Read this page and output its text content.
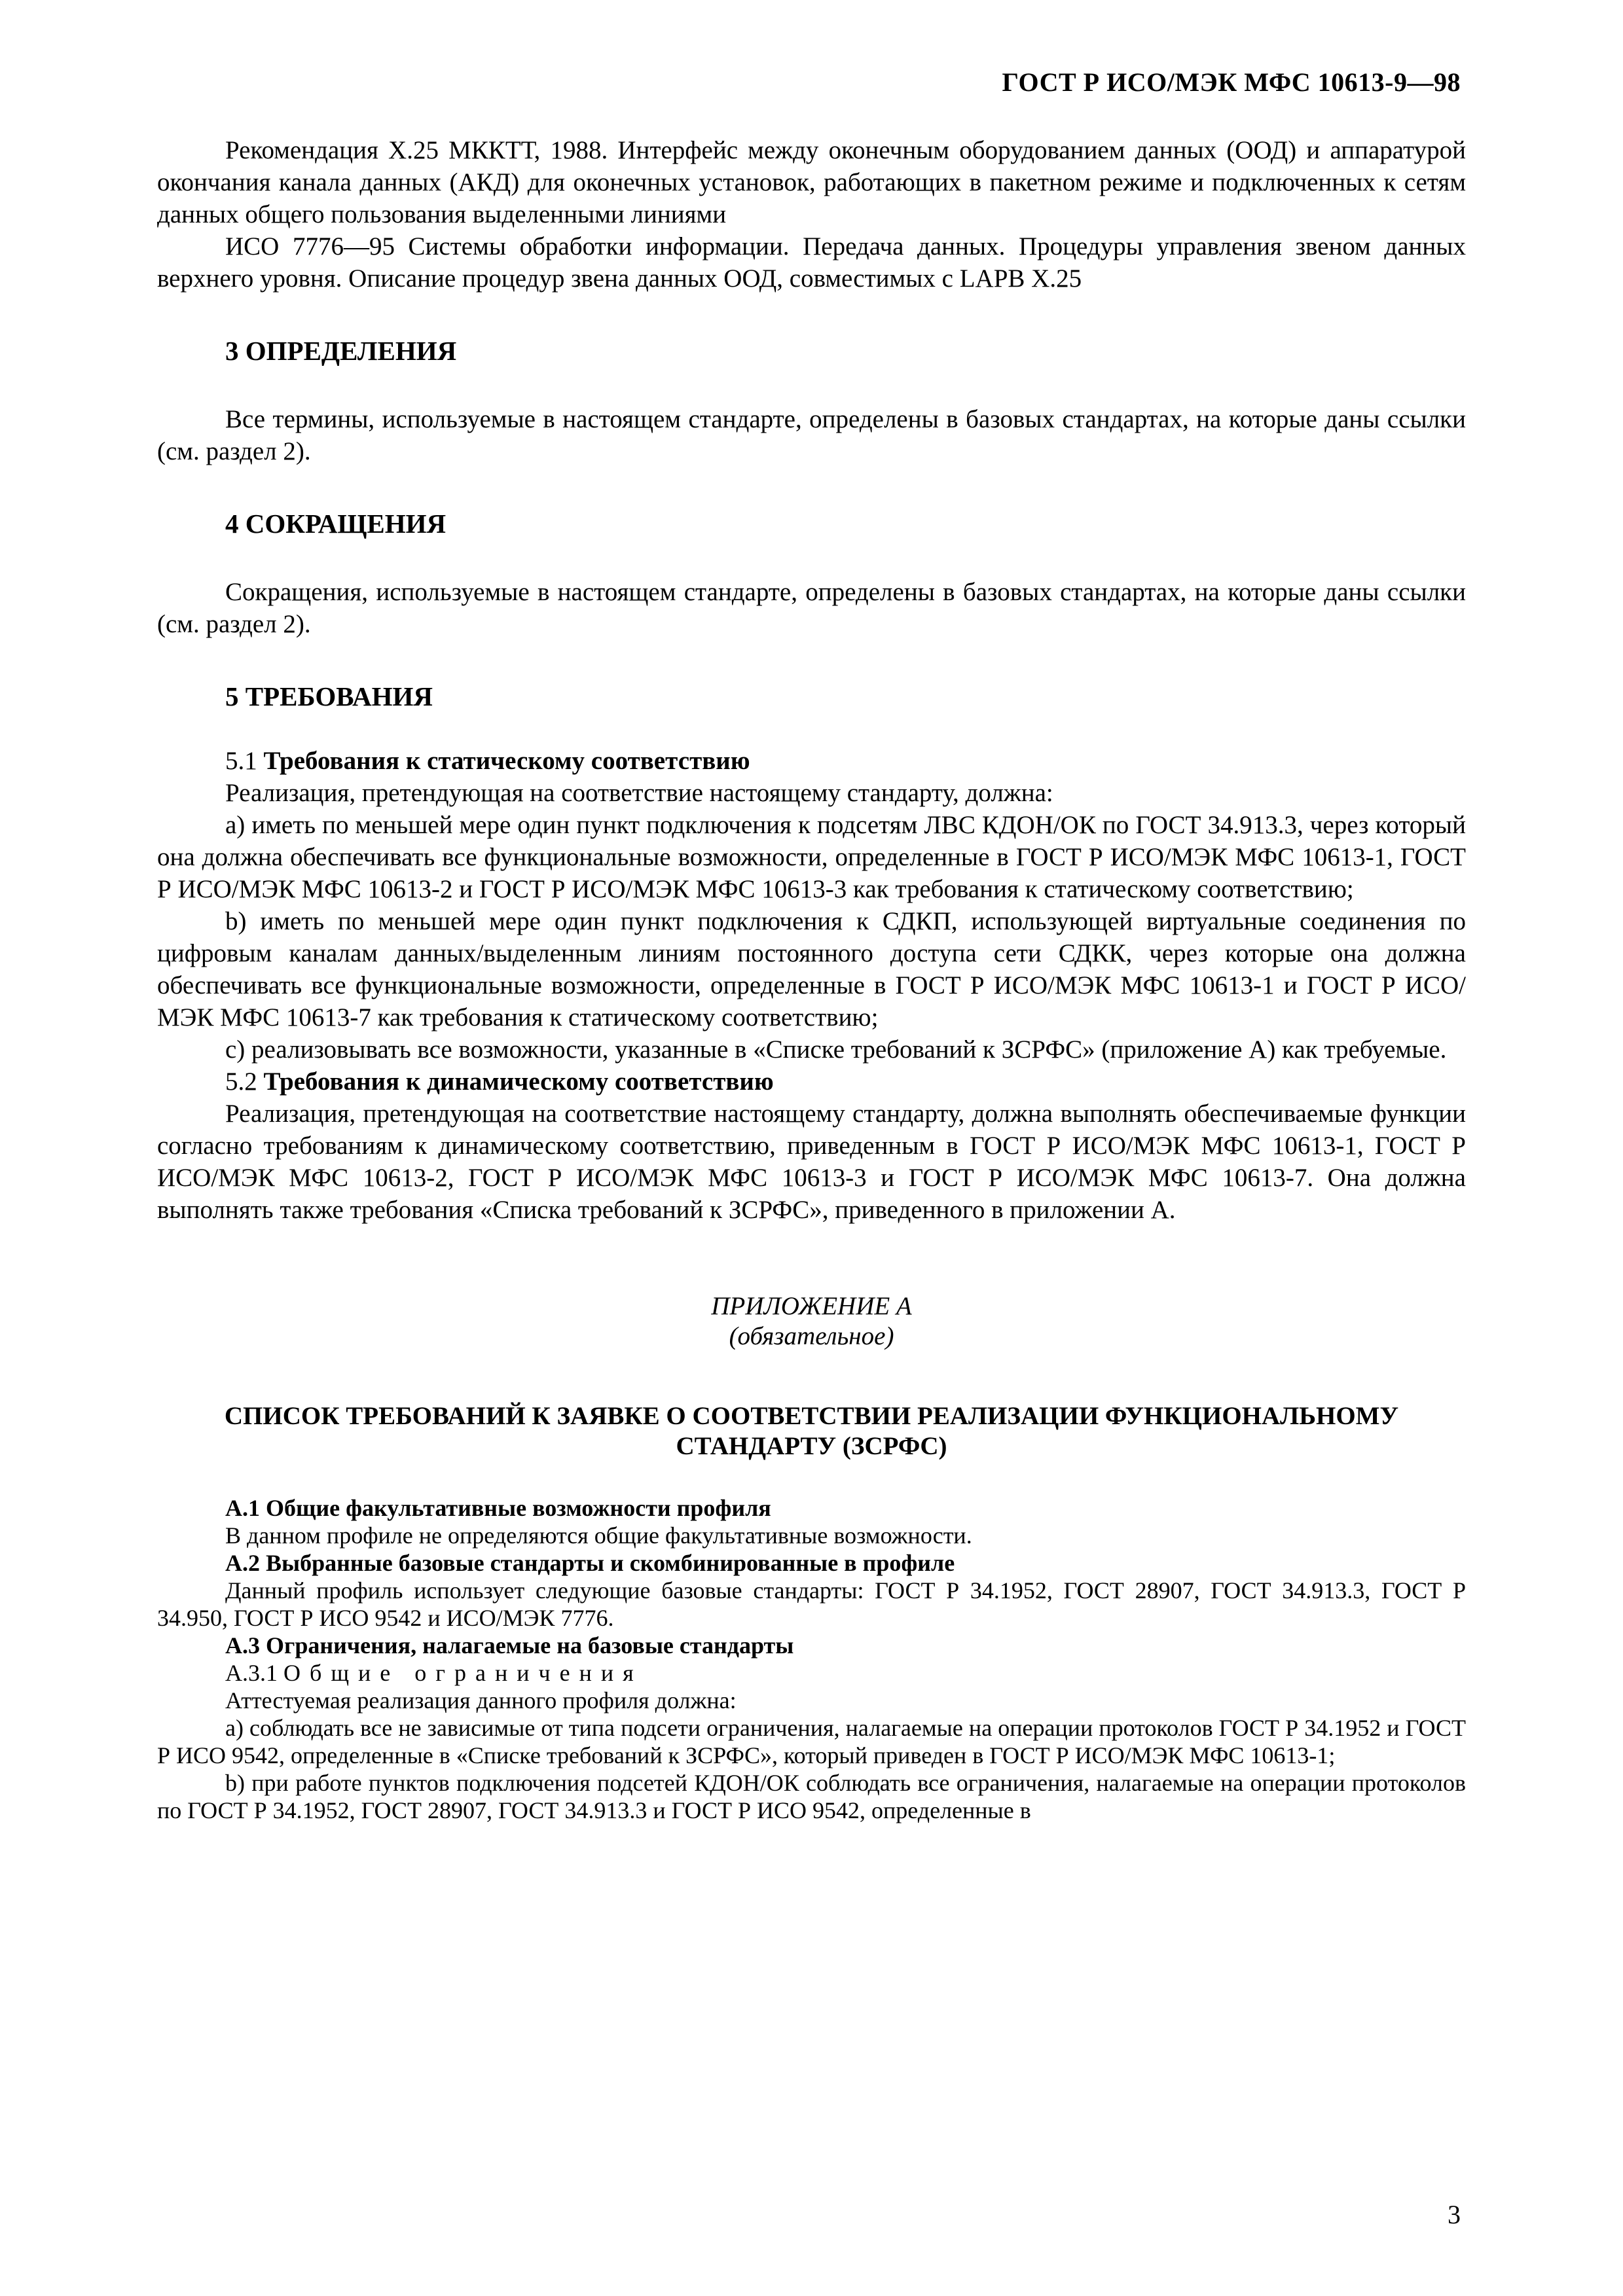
ГОСТ Р ИСО/МЭК МФС 10613-9—98

Рекомендация Х.25 МККТТ, 1988. Интерфейс между оконечным оборудованием данных (ООД) и аппаратурой окончания канала данных (АКД) для оконечных установок, работающих в пакетном режиме и подключенных к сетям данных общего пользования выделенными линиями

ИСО 7776—95 Системы обработки информации. Передача данных. Процедуры управления звеном данных верхнего уровня. Описание процедур звена данных ООД, совместимых с LAPB X.25

3 ОПРЕДЕЛЕНИЯ

Все термины, используемые в настоящем стандарте, определены в базовых стандартах, на которые даны ссылки (см. раздел 2).

4 СОКРАЩЕНИЯ

Сокращения, используемые в настоящем стандарте, определены в базовых стандартах, на которые даны ссылки (см. раздел 2).

5 ТРЕБОВАНИЯ

5.1 Требования к статическому соответствию

Реализация, претендующая на соответствие настоящему стандарту, должна:

а) иметь по меньшей мере один пункт подключения к подсетям ЛВС КДОН/ОК по ГОСТ 34.913.3, через который она должна обеспечивать все функциональные возможности, определенные в ГОСТ Р ИСО/МЭК МФС 10613-1, ГОСТ Р ИСО/МЭК МФС 10613-2 и ГОСТ Р ИСО/МЭК МФС 10613-3 как требования к статическому соответствию;

b) иметь по меньшей мере один пункт подключения к СДКП, использующей виртуальные соединения по цифровым каналам данных/выделенным линиям постоянного доступа сети СДКК, через которые она должна обеспечивать все функциональные возможности, определенные в ГОСТ Р ИСО/МЭК МФС 10613-1 и ГОСТ Р ИСО/МЭК МФС 10613-7 как требования к статическому соответствию;

с) реализовывать все возможности, указанные в «Списке требований к ЗСРФС» (приложение А) как требуемые.

5.2 Требования к динамическому соответствию

Реализация, претендующая на соответствие настоящему стандарту, должна выполнять обеспечиваемые функции согласно требованиям к динамическому соответствию, приведенным в ГОСТ Р ИСО/МЭК МФС 10613-1, ГОСТ Р ИСО/МЭК МФС 10613-2, ГОСТ Р ИСО/МЭК МФС 10613-3 и ГОСТ Р ИСО/МЭК МФС 10613-7. Она должна выполнять также требования «Списка требований к ЗСРФС», приведенного в приложении А.

ПРИЛОЖЕНИЕ А

(обязательное)

СПИСОК ТРЕБОВАНИЙ К ЗАЯВКЕ О СООТВЕТСТВИИ РЕАЛИЗАЦИИ ФУНКЦИОНАЛЬНОМУ СТАНДАРТУ (ЗСРФС)

А.1 Общие факультативные возможности профиля

В данном профиле не определяются общие факультативные возможности.

А.2 Выбранные базовые стандарты и скомбинированные в профиле

Данный профиль использует следующие базовые стандарты: ГОСТ Р 34.1952, ГОСТ 28907, ГОСТ 34.913.3, ГОСТ Р 34.950, ГОСТ Р ИСО 9542 и ИСО/МЭК 7776.

А.3 Ограничения, налагаемые на базовые стандарты

А.3.1 Общие ограничения

Аттестуемая реализация данного профиля должна:

а) соблюдать все не зависимые от типа подсети ограничения, налагаемые на операции протоколов ГОСТ Р 34.1952 и ГОСТ Р ИСО 9542, определенные в «Списке требований к ЗСРФС», который приведен в ГОСТ Р ИСО/МЭК МФС 10613-1;

b) при работе пунктов подключения подсетей КДОН/ОК соблюдать все ограничения, налагаемые на операции протоколов по ГОСТ Р 34.1952, ГОСТ 28907, ГОСТ 34.913.3 и ГОСТ Р ИСО 9542, определенные в

3
